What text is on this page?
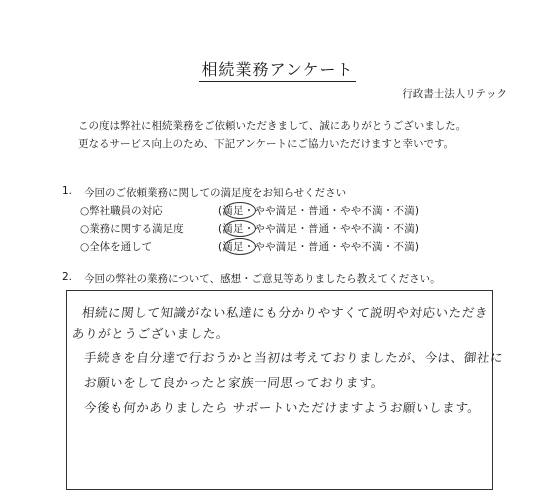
相続業務アンケート
行政書士法人リテック
この度は弊社に相続業務をご依頼いただきまして、誠にありがとうございました。
更なるサービス向上のため、下記アンケートにご協力いただけますと幸いです。
1. 今回のご依頼業務に関しての満足度をお知らせください
○弊社職員の対応	(満足・やや満足・普通・やや不満・不満)
○業務に関する満足度	(満足・やや満足・普通・やや不満・不満)
○全体を通して	(満足・やや満足・普通・やや不満・不満)
2. 今回の弊社の業務について、感想・ご意見等ありましたら教えてください。
相続に関して知識がない私達にも分かりやすくて説明や対応いただき
ありがとうございました。
手続きを自分達で行おうかと当初は考えておりましたが、今は、御社に
お願いをして良かったと家族一同思っております。
今後も何かありましたら サポートいただけますようお願いします。
